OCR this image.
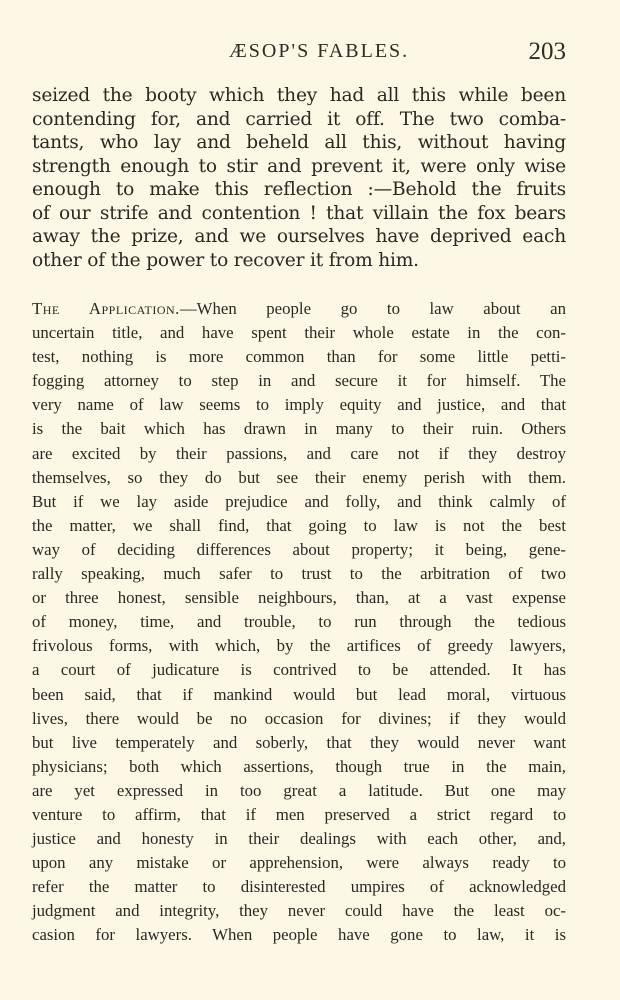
ÆSOP'S FABLES.	203
seized the booty which they had all this while been
contending for, and carried it off. The two comba-
tants, who lay and beheld all this, without having
strength enough to stir and prevent it, were only wise
enough to make this reflection :—Behold the fruits
of our strife and contention ! that villain the fox bears
away the prize, and we ourselves have deprived each
other of the power to recover it from him.
The Application.—When people go to law about an
uncertain title, and have spent their whole estate in the con-
test, nothing is more common than for some little petti-
fogging attorney to step in and secure it for himself. The
very name of law seems to imply equity and justice, and that
is the bait which has drawn in many to their ruin. Others
are excited by their passions, and care not if they destroy
themselves, so they do but see their enemy perish with them.
But if we lay aside prejudice and folly, and think calmly of
the matter, we shall find, that going to law is not the best
way of deciding differences about property; it being, gene-
rally speaking, much safer to trust to the arbitration of two
or three honest, sensible neighbours, than, at a vast expense
of money, time, and trouble, to run through the tedious
frivolous forms, with which, by the artifices of greedy lawyers,
a court of judicature is contrived to be attended. It has
been said, that if mankind would but lead moral, virtuous
lives, there would be no occasion for divines; if they would
but live temperately and soberly, that they would never want
physicians; both which assertions, though true in the main,
are yet expressed in too great a latitude. But one may
venture to affirm, that if men preserved a strict regard to
justice and honesty in their dealings with each other, and,
upon any mistake or apprehension, were always ready to
refer the matter to disinterested umpires of acknowledged
judgment and integrity, they never could have the least oc-
casion for lawyers. When people have gone to law, it is
